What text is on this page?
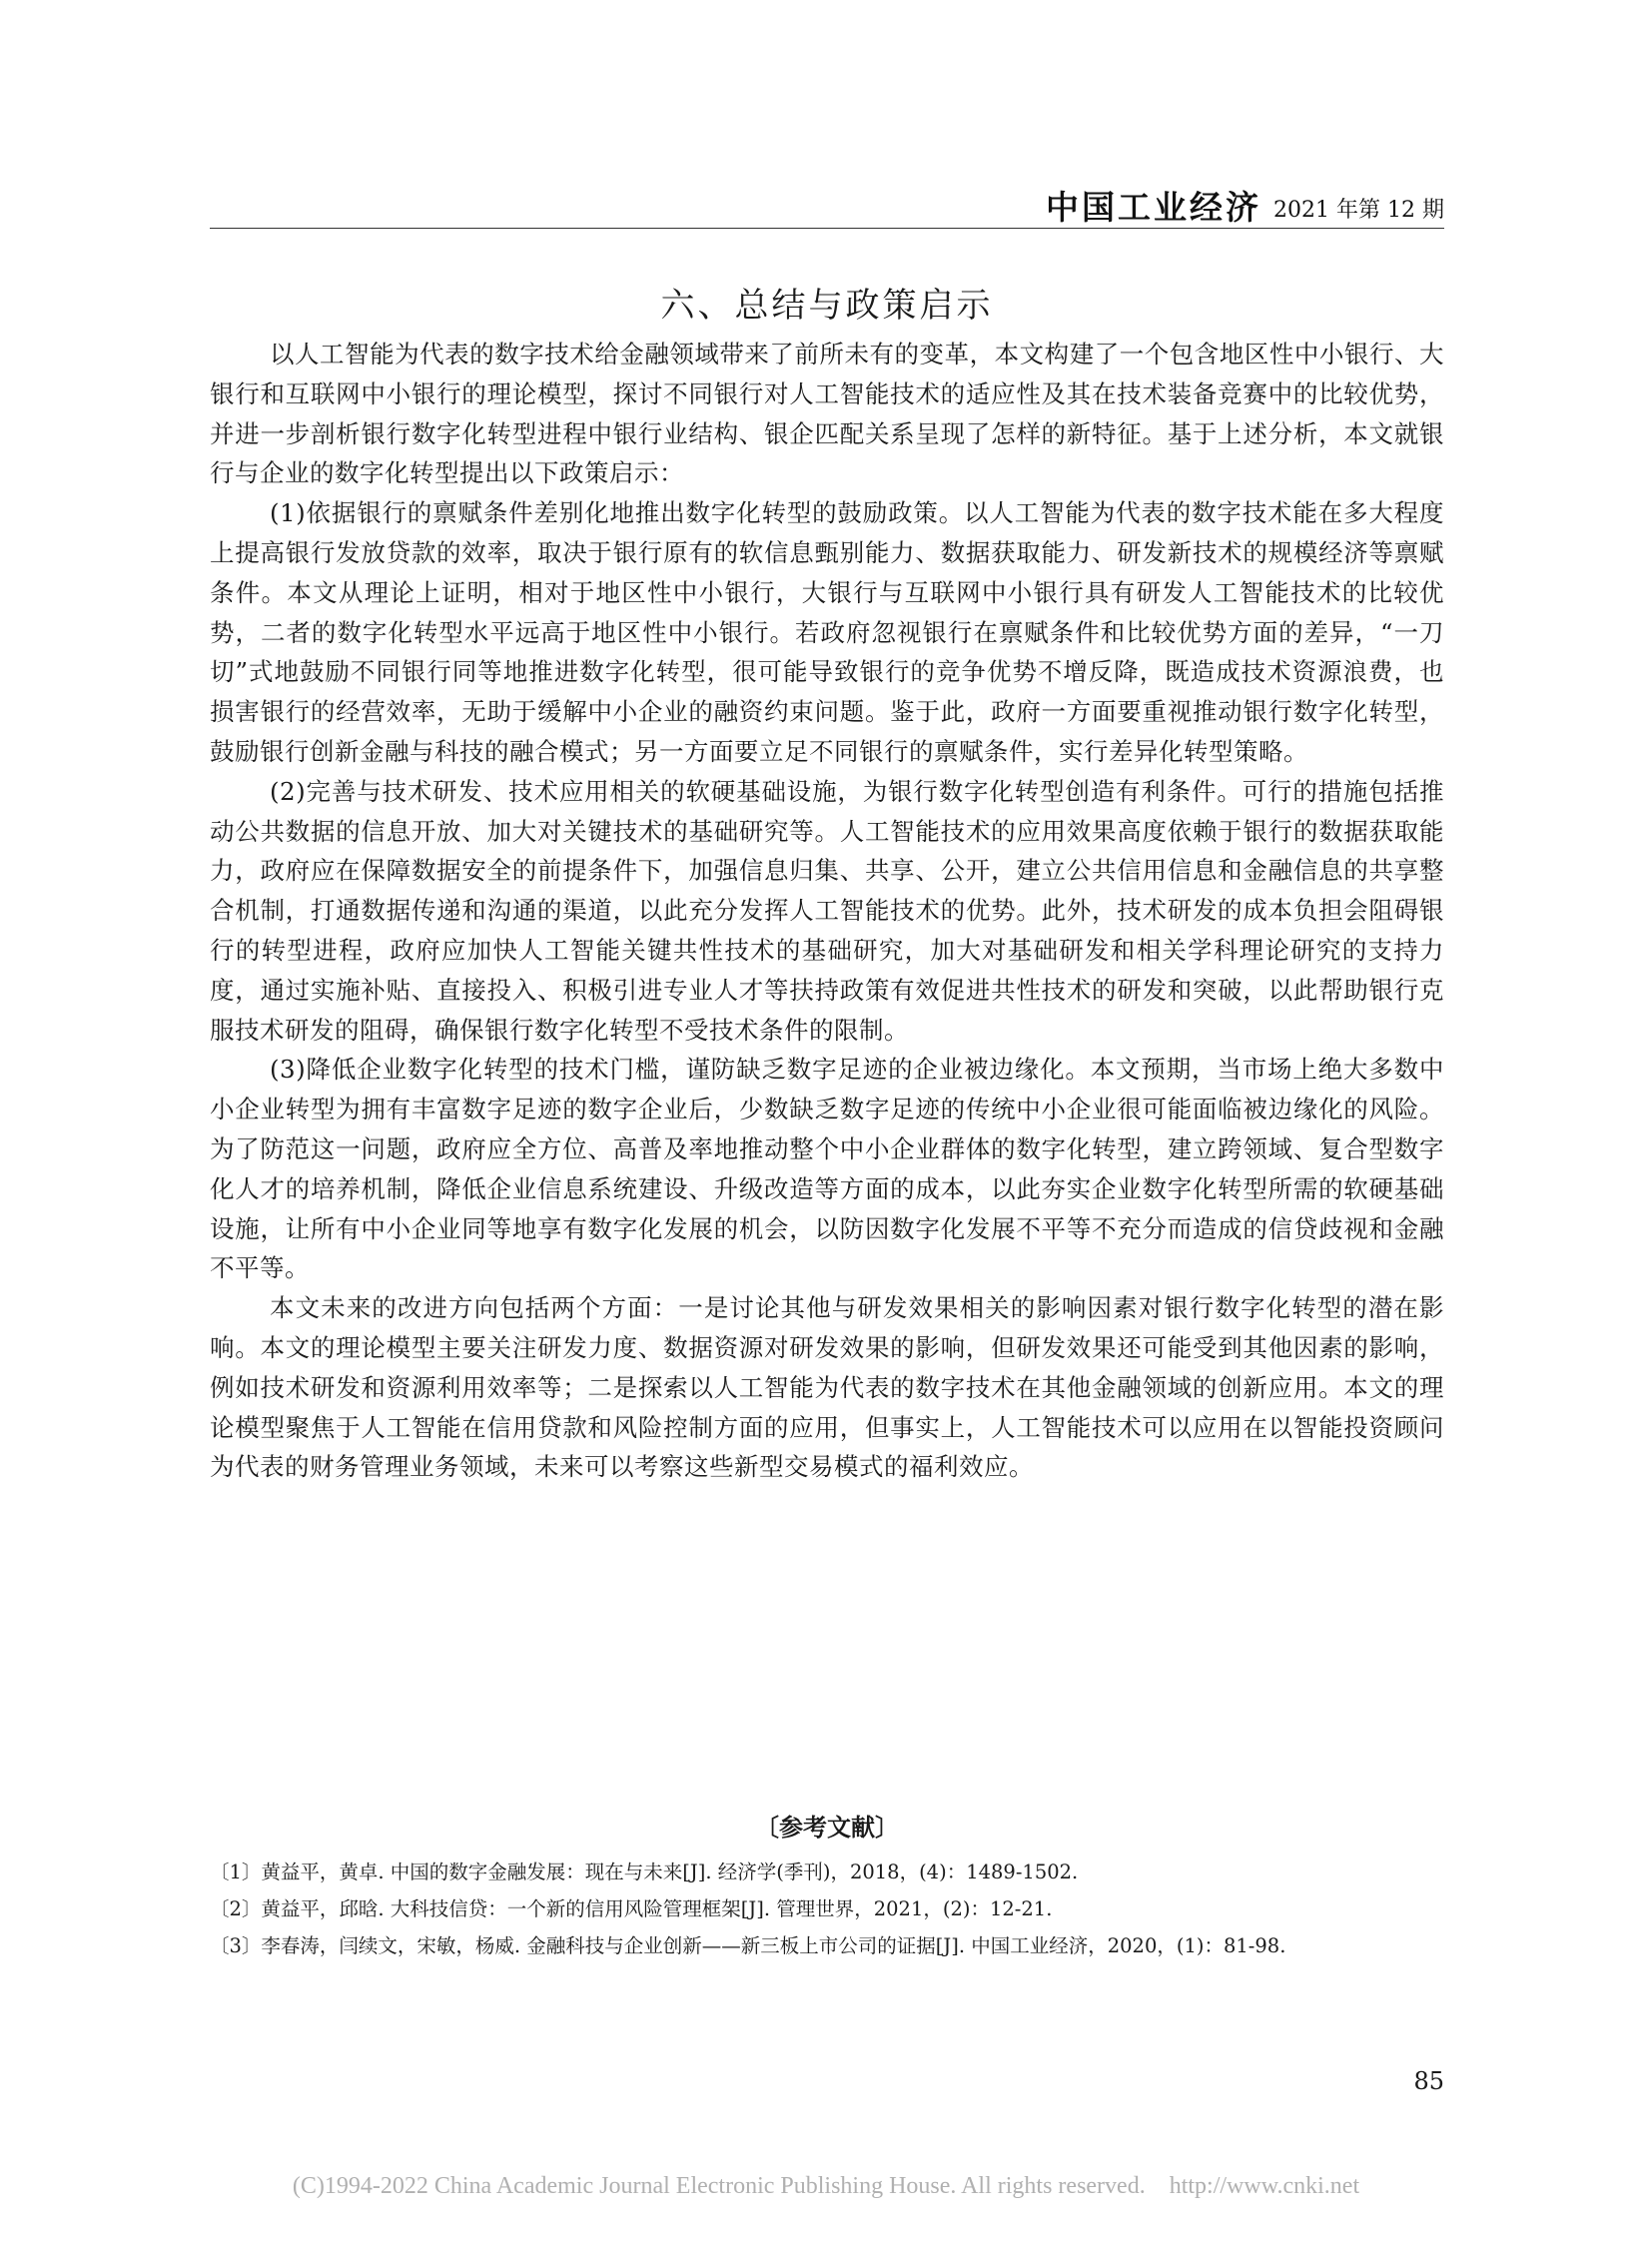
中国工业经济 2021 年第 12 期
六、总结与政策启示

以人工智能为代表的数字技术给金融领域带来了前所未有的变革，本文构建了一个包含地区性中小银行、大银行和互联网中小银行的理论模型，探讨不同银行对人工智能技术的适应性及其在技术装备竞赛中的比较优势，并进一步剖析银行数字化转型进程中银行业结构、银企匹配关系呈现了怎样的新特征。基于上述分析，本文就银行与企业的数字化转型提出以下政策启示：

(1)依据银行的禀赋条件差别化地推出数字化转型的鼓励政策。以人工智能为代表的数字技术能在多大程度上提高银行发放贷款的效率，取决于银行原有的软信息甄别能力、数据获取能力、研发新技术的规模经济等禀赋条件。本文从理论上证明，相对于地区性中小银行，大银行与互联网中小银行具有研发人工智能技术的比较优势，二者的数字化转型水平远高于地区性中小银行。若政府忽视银行在禀赋条件和比较优势方面的差异，“一刀切”式地鼓励不同银行同等地推进数字化转型，很可能导致银行的竞争优势不增反降，既造成技术资源浪费，也损害银行的经营效率，无助于缓解中小企业的融资约束问题。鉴于此，政府一方面要重视推动银行数字化转型，鼓励银行创新金融与科技的融合模式；另一方面要立足不同银行的禀赋条件，实行差异化转型策略。

(2)完善与技术研发、技术应用相关的软硬基础设施，为银行数字化转型创造有利条件。可行的措施包括推动公共数据的信息开放、加大对关键技术的基础研究等。人工智能技术的应用效果高度依赖于银行的数据获取能力，政府应在保障数据安全的前提条件下，加强信息归集、共享、公开，建立公共信用信息和金融信息的共享整合机制，打通数据传递和沟通的渠道，以此充分发挥人工智能技术的优势。此外，技术研发的成本负担会阻碍银行的转型进程，政府应加快人工智能关键共性技术的基础研究，加大对基础研发和相关学科理论研究的支持力度，通过实施补贴、直接投入、积极引进专业人才等扶持政策有效促进共性技术的研发和突破，以此帮助银行克服技术研发的阻碍，确保银行数字化转型不受技术条件的限制。

(3)降低企业数字化转型的技术门槛，谨防缺乏数字足迹的企业被边缘化。本文预期，当市场上绝大多数中小企业转型为拥有丰富数字足迹的数字企业后，少数缺乏数字足迹的传统中小企业很可能面临被边缘化的风险。为了防范这一问题，政府应全方位、高普及率地推动整个中小企业群体的数字化转型，建立跨领域、复合型数字化人才的培养机制，降低企业信息系统建设、升级改造等方面的成本，以此夯实企业数字化转型所需的软硬基础设施，让所有中小企业同等地享有数字化发展的机会，以防因数字化发展不平等不充分而造成的信贷歧视和金融不平等。

本文未来的改进方向包括两个方面：一是讨论其他与研发效果相关的影响因素对银行数字化转型的潜在影响。本文的理论模型主要关注研发力度、数据资源对研发效果的影响，但研发效果还可能受到其他因素的影响，例如技术研发和资源利用效率等；二是探索以人工智能为代表的数字技术在其他金融领域的创新应用。本文的理论模型聚焦于人工智能在信用贷款和风险控制方面的应用，但事实上，人工智能技术可以应用在以智能投资顾问为代表的财务管理业务领域，未来可以考察这些新型交易模式的福利效应。

〔参考文献〕
〔1〕黄益平，黄卓. 中国的数字金融发展：现在与未来[J]. 经济学(季刊)，2018，(4)：1489-1502.
〔2〕黄益平，邱晗. 大科技信贷：一个新的信用风险管理框架[J]. 管理世界，2021，(2)：12-21.
〔3〕李春涛，闫续文，宋敏，杨威. 金融科技与企业创新——新三板上市公司的证据[J]. 中国工业经济，2020，(1)：81-98.
85
(C)1994-2022 China Academic Journal Electronic Publishing House. All rights reserved.    http://www.cnki.net
